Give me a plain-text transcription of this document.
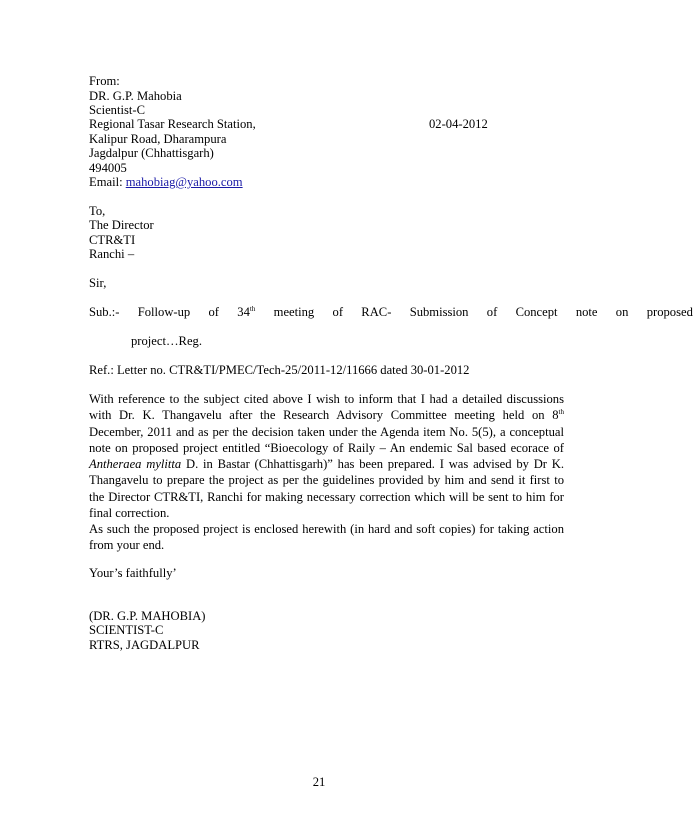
From:
DR. G.P. Mahobia
Scientist-C
Regional Tasar Research Station,	02-04-2012
Kalipur Road, Dharampura
Jagdalpur (Chhattisgarh)
494005
Email: mahobiag@yahoo.com
To,
The Director
CTR&TI
Ranchi –
Sir,
Sub.:-  Follow-up  of  34th  meeting  of  RAC-  Submission  of  Concept  note  on  proposed
project…Reg.
Ref.: Letter no. CTR&TI/PMEC/Tech-25/2011-12/11666 dated 30-01-2012
With reference to the subject cited above I wish to inform that I had a detailed discussions with Dr. K. Thangavelu after the Research Advisory Committee meeting held on 8th December, 2011 and as per the decision taken under the Agenda item No. 5(5), a conceptual note on proposed project entitled “Bioecology of Raily – An endemic Sal based ecorace of Antheraea mylitta D. in Bastar (Chhattisgarh)” has been prepared. I was advised by Dr K. Thangavelu to prepare the project as per the guidelines provided by him and send it first to the Director CTR&TI, Ranchi for making necessary correction which will be sent to him for final correction.
As such the proposed project is enclosed herewith (in hard and soft copies) for taking action from your end.
Your’s faithfully’
(DR. G.P. MAHOBIA)
SCIENTIST-C
RTRS, JAGDALPUR
21
